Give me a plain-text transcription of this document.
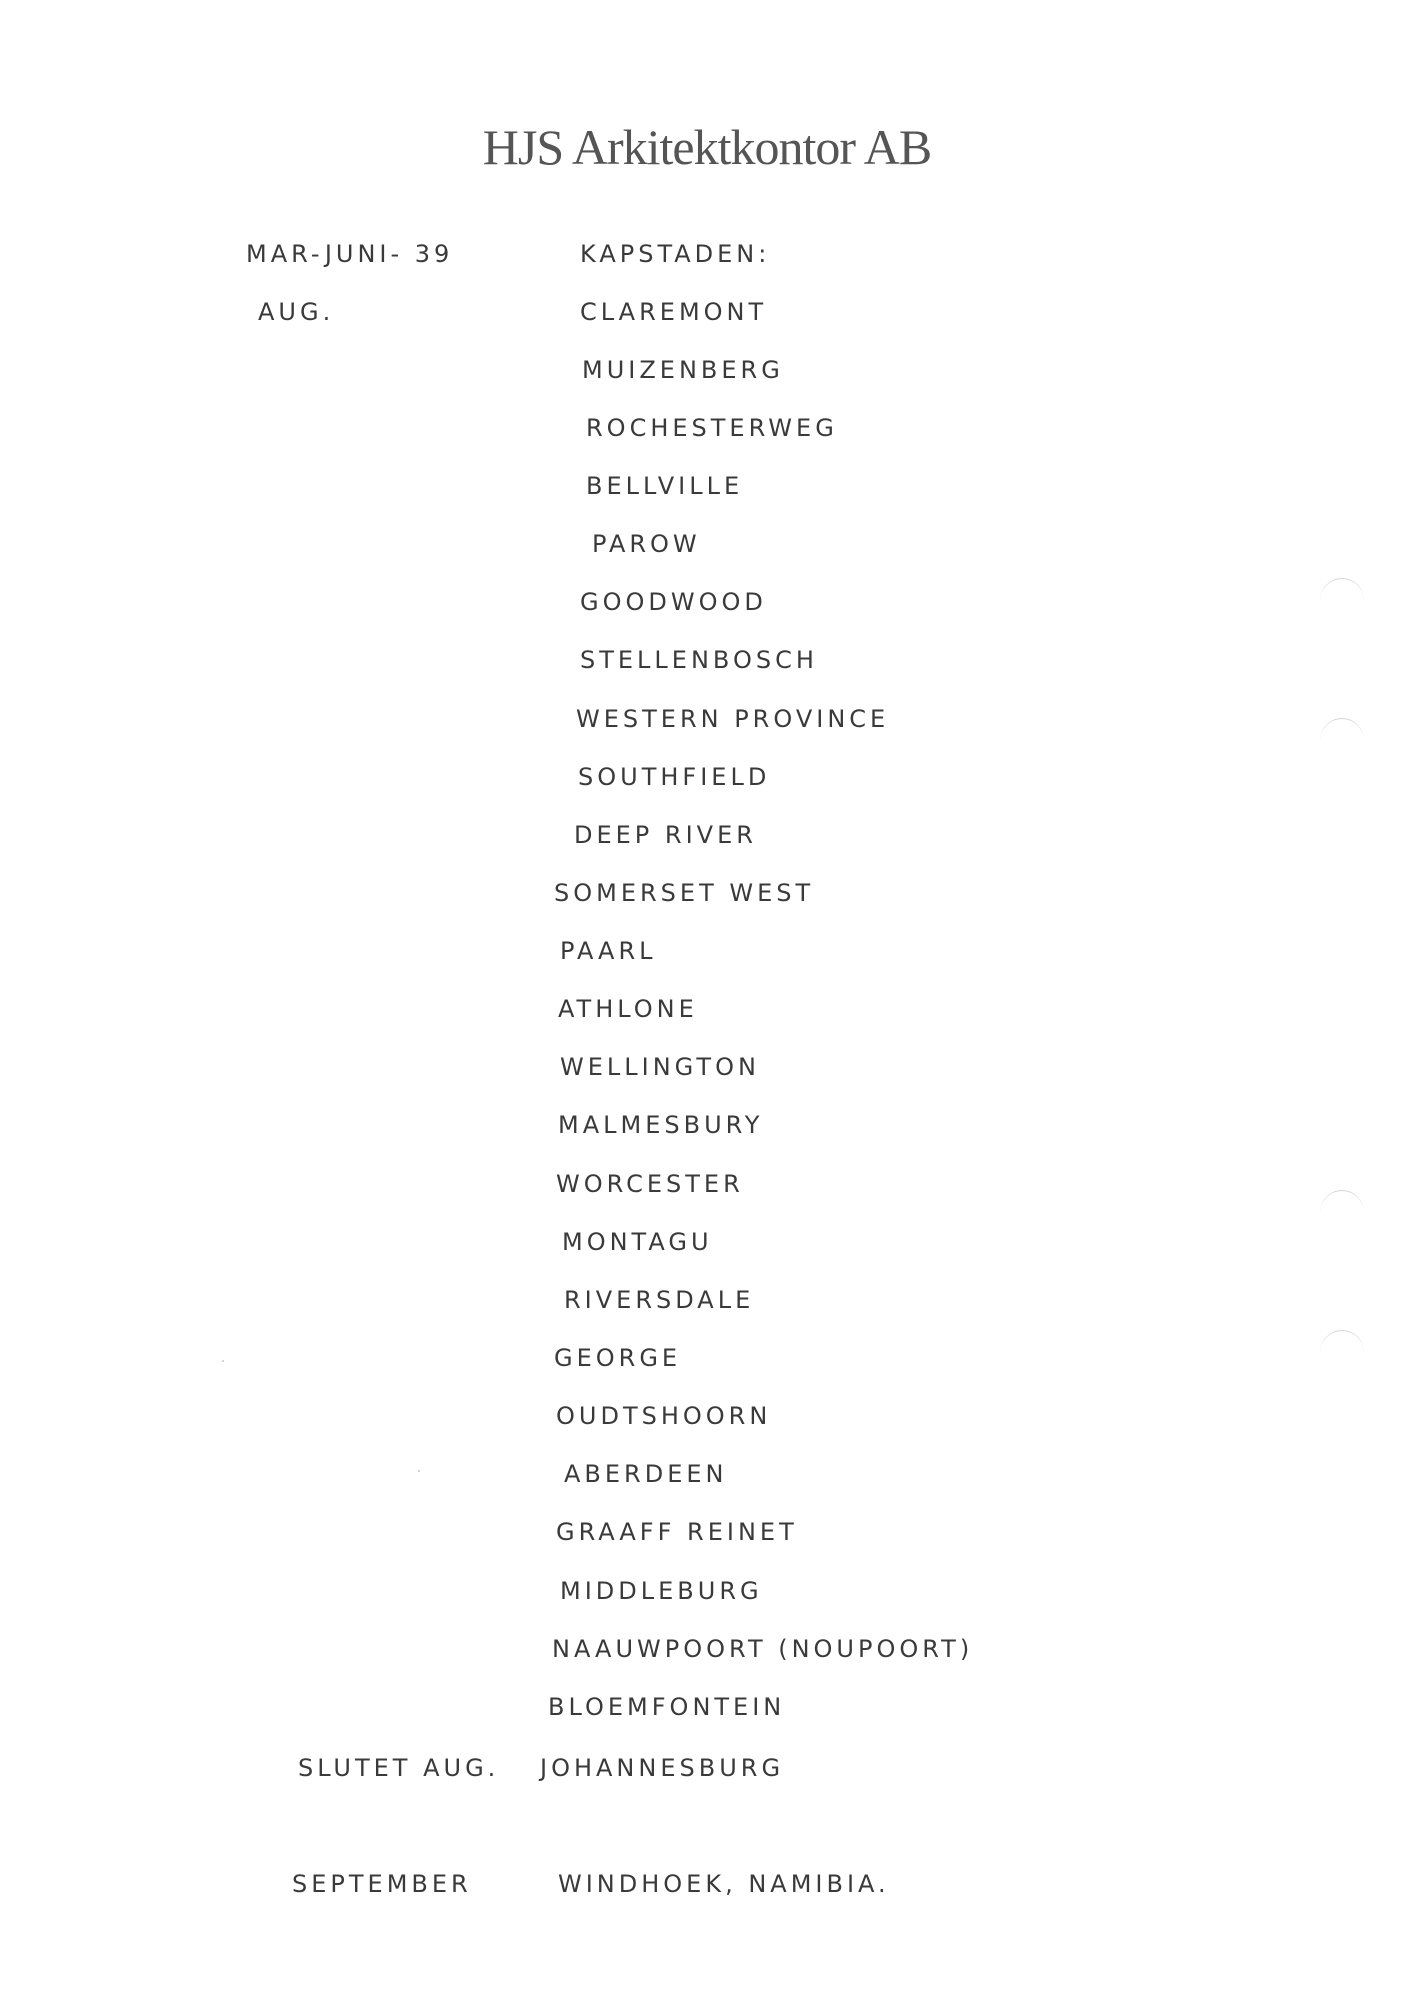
HJS Arkitektkontor AB
MAR-JUNI- 39
AUG.
SLUTET AUG.
SEPTEMBER
KAPSTADEN:
CLAREMONT
MUIZENBERG
ROCHESTERWEG
BELLVILLE
PAROW
GOODWOOD
STELLENBOSCH
WESTERN PROVINCE
SOUTHFIELD
DEEP RIVER
SOMERSET WEST
PAARL
ATHLONE
WELLINGTON
MALMESBURY
WORCESTER
MONTAGU
RIVERSDALE
GEORGE
OUDTSHOORN
ABERDEEN
GRAAFF REINET
MIDDLEBURG
NAAUWPOORT (NOUPOORT)
BLOEMFONTEIN
JOHANNESBURG
WINDHOEK, NAMIBIA.
